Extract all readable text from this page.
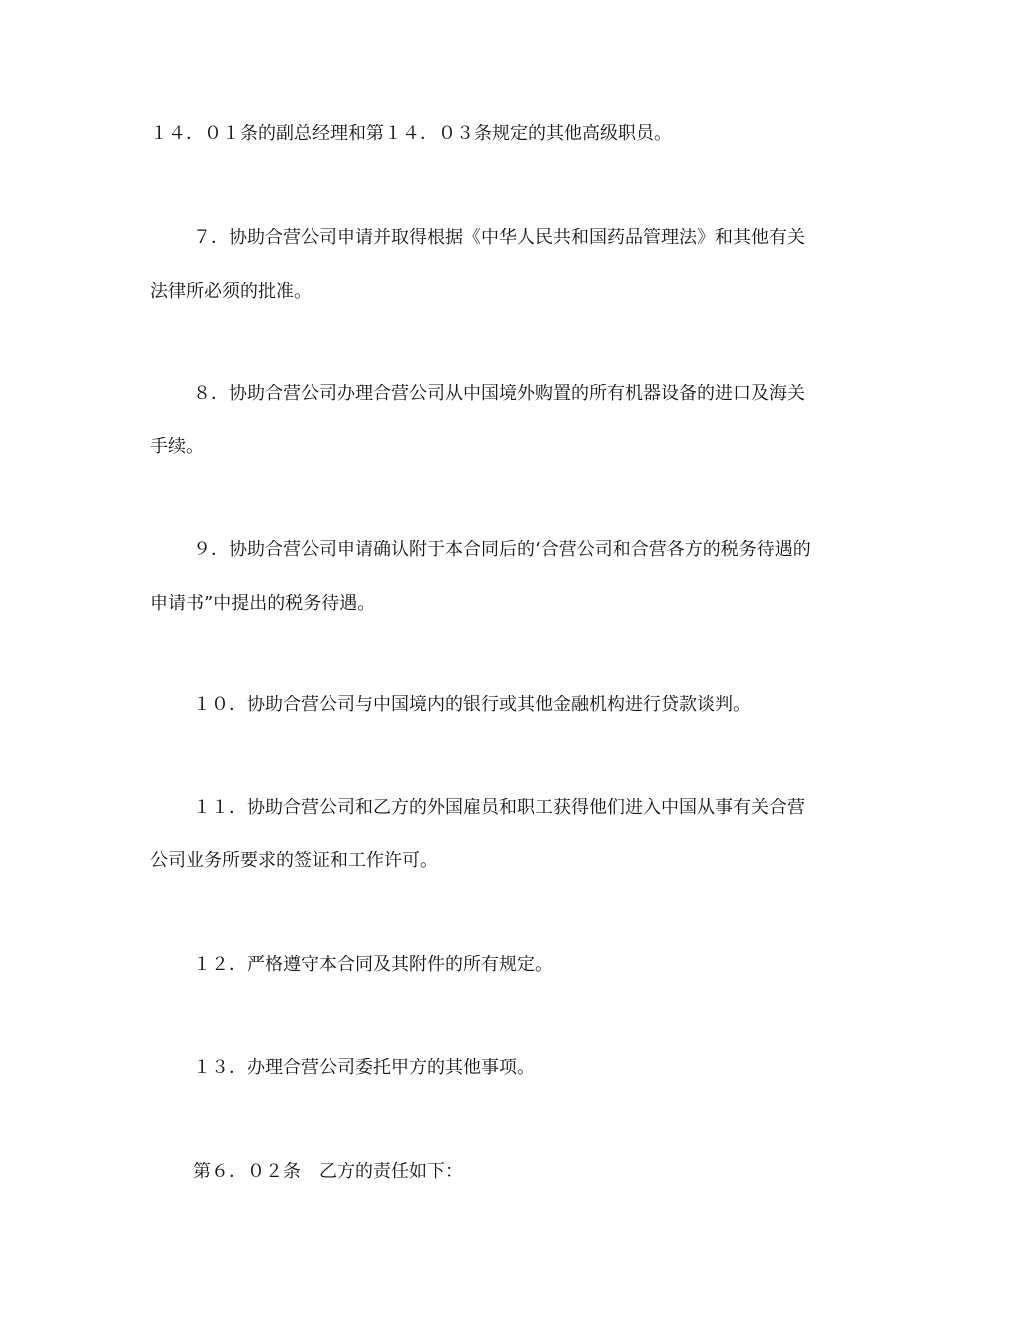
１４．０１条的副总经理和第１４．０３条规定的其他高级职员。
７．协助合营公司申请并取得根据《中华人民共和国药品管理法》和其他有关
法律所必须的批准。
８．协助合营公司办理合营公司从中国境外购置的所有机器设备的进口及海关
手续。
９．协助合营公司申请确认附于本合同后的‘合营公司和合营各方的税务待遇的
申请书”中提出的税务待遇。
１０．协助合营公司与中国境内的银行或其他金融机构进行贷款谈判。
１１．协助合营公司和乙方的外国雇员和职工获得他们进入中国从事有关合营
公司业务所要求的签证和工作许可。
１２．严格遵守本合同及其附件的所有规定。
１３．办理合营公司委托甲方的其他事项。
第６．０２条　乙方的责任如下：
